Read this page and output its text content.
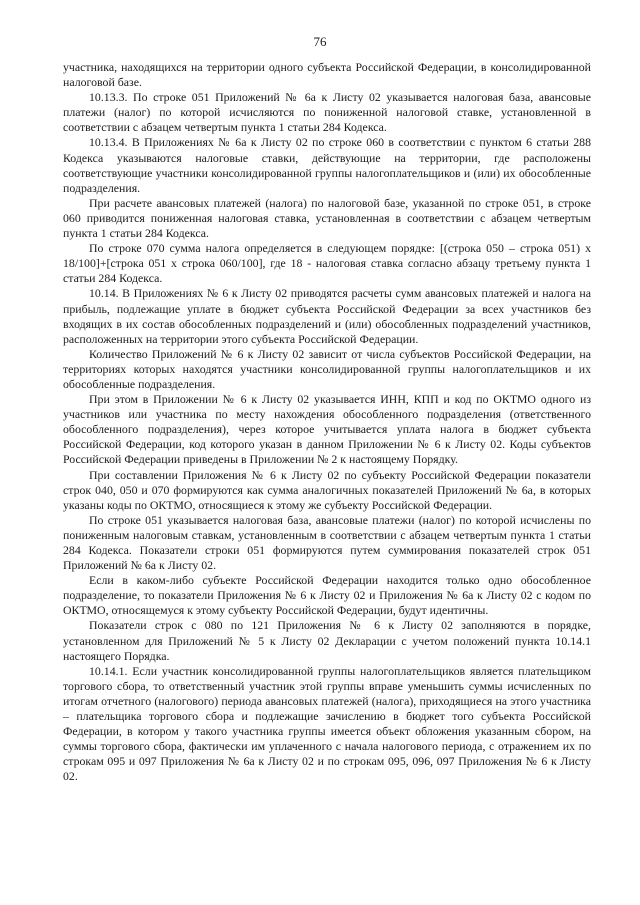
76

участника, находящихся на территории одного субъекта Российской Федерации, в консолидированной налоговой базе.

10.13.3. По строке 051 Приложений № 6а к Листу 02 указывается налоговая база, авансовые платежи (налог) по которой исчисляются по пониженной налоговой ставке, установленной в соответствии с абзацем четвертым пункта 1 статьи 284 Кодекса.

10.13.4. В Приложениях № 6а к Листу 02 по строке 060 в соответствии с пунктом 6 статьи 288 Кодекса указываются налоговые ставки, действующие на территории, где расположены соответствующие участники консолидированной группы налогоплательщиков и (или) их обособленные подразделения.

При расчете авансовых платежей (налога) по налоговой базе, указанной по строке 051, в строке 060 приводится пониженная налоговая ставка, установленная в соответствии с абзацем четвертым пункта 1 статьи 284 Кодекса.

По строке 070 сумма налога определяется в следующем порядке: [(строка 050 – строка 051) х 18/100]+[строка 051 х строка 060/100], где 18 - налоговая ставка согласно абзацу третьему пункта 1 статьи 284 Кодекса.

10.14. В Приложениях № 6 к Листу 02 приводятся расчеты сумм авансовых платежей и налога на прибыль, подлежащие уплате в бюджет субъекта Российской Федерации за всех участников без входящих в их состав обособленных подразделений и (или) обособленных подразделений участников, расположенных на территории этого субъекта Российской Федерации.

Количество Приложений № 6 к Листу 02 зависит от числа субъектов Российской Федерации, на территориях которых находятся участники консолидированной группы налогоплательщиков и их обособленные подразделения.

При этом в Приложении № 6 к Листу 02 указывается ИНН, КПП и код по ОКТМО одного из участников или участника по месту нахождения обособленного подразделения (ответственного обособленного подразделения), через которое учитывается уплата налога в бюджет субъекта Российской Федерации, код которого указан в данном Приложении № 6 к Листу 02. Коды субъектов Российской Федерации приведены в Приложении № 2 к настоящему Порядку.

При составлении Приложения № 6 к Листу 02 по субъекту Российской Федерации показатели строк 040, 050 и 070 формируются как сумма аналогичных показателей Приложений № 6а, в которых указаны коды по ОКТМО, относящиеся к этому же субъекту Российской Федерации.

По строке 051 указывается налоговая база, авансовые платежи (налог) по которой исчислены по пониженным налоговым ставкам, установленным в соответствии с абзацем четвертым пункта 1 статьи 284 Кодекса. Показатели строки 051 формируются путем суммирования показателей строк 051 Приложений № 6а к Листу 02.

Если в каком-либо субъекте Российской Федерации находится только одно обособленное подразделение, то показатели Приложения № 6 к Листу 02 и Приложения № 6а к Листу 02 с кодом по ОКТМО, относящемуся к этому субъекту Российской Федерации, будут идентичны.

Показатели строк с 080 по 121 Приложения № 6 к Листу 02 заполняются в порядке, установленном для Приложений № 5 к Листу 02 Декларации с учетом положений пункта 10.14.1 настоящего Порядка.

10.14.1. Если участник консолидированной группы налогоплательщиков является плательщиком торгового сбора, то ответственный участник этой группы вправе уменьшить суммы исчисленных по итогам отчетного (налогового) периода авансовых платежей (налога), приходящиеся на этого участника – плательщика торгового сбора и подлежащие зачислению в бюджет того субъекта Российской Федерации, в котором у такого участника группы имеется объект обложения указанным сбором, на суммы торгового сбора, фактически им уплаченного с начала налогового периода, с отражением их по строкам 095 и 097 Приложения № 6а к Листу 02 и по строкам 095, 096, 097 Приложения № 6 к Листу 02.
